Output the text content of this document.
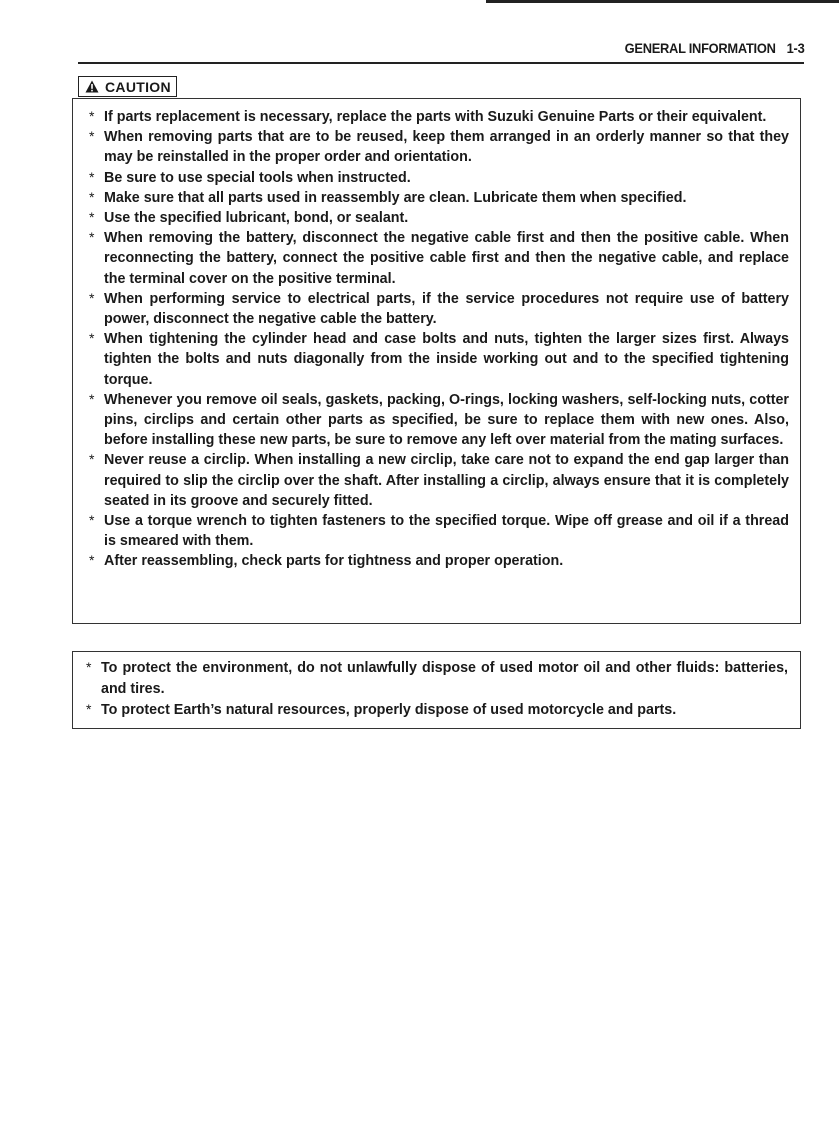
GENERAL INFORMATION 1-3
CAUTION
* If parts replacement is necessary, replace the parts with Suzuki Genuine Parts or their equivalent.
* When removing parts that are to be reused, keep them arranged in an orderly manner so that they may be reinstalled in the proper order and orientation.
* Be sure to use special tools when instructed.
* Make sure that all parts used in reassembly are clean. Lubricate them when specified.
* Use the specified lubricant, bond, or sealant.
* When removing the battery, disconnect the negative cable first and then the positive cable. When reconnecting the battery, connect the positive cable first and then the negative cable, and replace the terminal cover on the positive terminal.
* When performing service to electrical parts, if the service procedures not require use of battery power, disconnect the negative cable the battery.
* When tightening the cylinder head and case bolts and nuts, tighten the larger sizes first. Always tighten the bolts and nuts diagonally from the inside working out and to the specified tightening torque.
* Whenever you remove oil seals, gaskets, packing, O-rings, locking washers, self-locking nuts, cotter pins, circlips and certain other parts as specified, be sure to replace them with new ones. Also, before installing these new parts, be sure to remove any left over material from the mating surfaces.
* Never reuse a circlip. When installing a new circlip, take care not to expand the end gap larger than required to slip the circlip over the shaft. After installing a circlip, always ensure that it is completely seated in its groove and securely fitted.
* Use a torque wrench to tighten fasteners to the specified torque. Wipe off grease and oil if a thread is smeared with them.
* After reassembling, check parts for tightness and proper operation.
* To protect the environment, do not unlawfully dispose of used motor oil and other fluids: batteries, and tires.
* To protect Earth’s natural resources, properly dispose of used motorcycle and parts.
